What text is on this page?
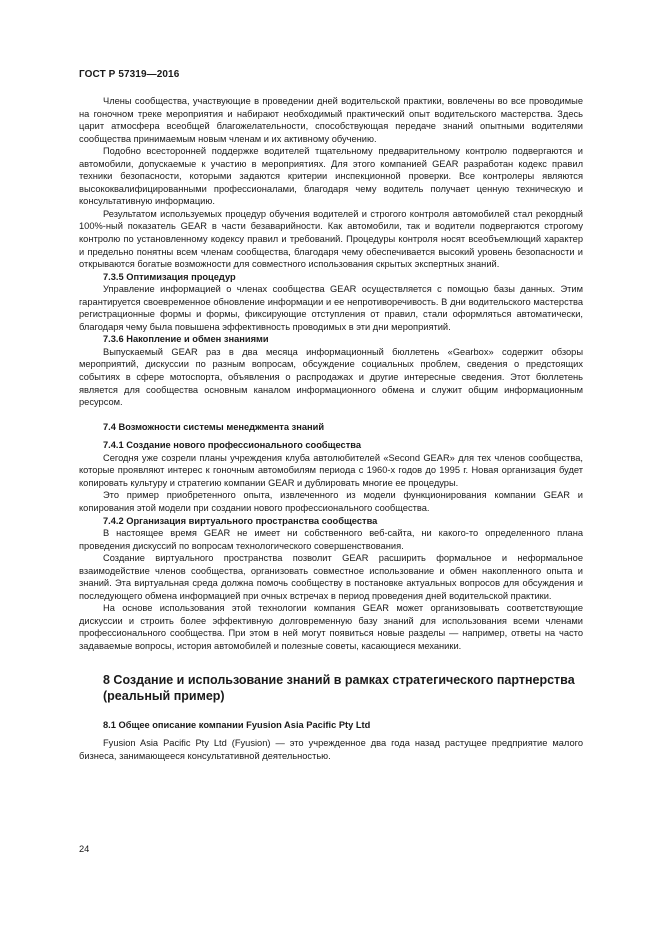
ГОСТ Р 57319—2016

Члены сообщества, участвующие в проведении дней водительской практики, вовлечены во все проводимые на гоночном треке мероприятия и набирают необходимый практический опыт водительского мастерства. Здесь царит атмосфера всеобщей благожелательности, способствующая передаче знаний опытными водителями сообщества принимаемым новым членам и их активному обучению.

Подобно всесторонней поддержке водителей тщательному предварительному контролю подвергаются и автомобили, допускаемые к участию в мероприятиях. Для этого компанией GEAR разработан кодекс правил техники безопасности, которыми задаются критерии инспекционной проверки. Все контролеры являются высококвалифицированными профессионалами, благодаря чему водитель получает ценную техническую и консультативную информацию.

Результатом используемых процедур обучения водителей и строгого контроля автомобилей стал рекордный 100%-ный показатель GEAR в части безаварийности. Как автомобили, так и водители подвергаются строгому контролю по установленному кодексу правил и требований. Процедуры контроля носят всеобъемлющий характер и предельно понятны всем членам сообщества, благодаря чему обеспечивается высокий уровень безопасности и открываются богатые возможности для совместного использования скрытых экспертных знаний.

7.3.5 Оптимизация процедур

Управление информацией о членах сообщества GEAR осуществляется с помощью базы данных. Этим гарантируется своевременное обновление информации и ее непротиворечивость. В дни водительского мастерства регистрационные формы и формы, фиксирующие отступления от правил, стали оформляться автоматически, благодаря чему была повышена эффективность проводимых в эти дни мероприятий.

7.3.6 Накопление и обмен знаниями

Выпускаемый GEAR раз в два месяца информационный бюллетень «Gearbox» содержит обзоры мероприятий, дискуссии по разным вопросам, обсуждение социальных проблем, сведения о предстоящих событиях в сфере мотоспорта, объявления о распродажах и другие интересные сведения. Этот бюллетень является для сообщества основным каналом информационного обмена и служит общим информационным ресурсом.

7.4 Возможности системы менеджмента знаний

7.4.1 Создание нового профессионального сообщества

Сегодня уже созрели планы учреждения клуба автолюбителей «Second GEAR» для тех членов сообщества, которые проявляют интерес к гоночным автомобилям периода с 1960-х годов до 1995 г. Новая организация будет копировать культуру и стратегию компании GEAR и дублировать многие ее процедуры.

Это пример приобретенного опыта, извлеченного из модели функционирования компании GEAR и копирования этой модели при создании нового профессионального сообщества.

7.4.2 Организация виртуального пространства сообщества

В настоящее время GEAR не имеет ни собственного веб-сайта, ни какого-то определенного плана проведения дискуссий по вопросам технологического совершенствования.

Создание виртуального пространства позволит GEAR расширить формальное и неформальное взаимодействие членов сообщества, организовать совместное использование и обмен накопленного опыта и знаний. Эта виртуальная среда должна помочь сообществу в постановке актуальных вопросов для обсуждения и последующего обмена информацией при очных встречах в период проведения дней водительской практики.

На основе использования этой технологии компания GEAR может организовывать соответствующие дискуссии и строить более эффективную долговременную базу знаний для использования всеми членами профессионального сообщества. При этом в ней могут появиться новые разделы — например, ответы на часто задаваемые вопросы, история автомобилей и полезные советы, касающиеся механики.

8 Создание и использование знаний в рамках стратегического партнерства (реальный пример)

8.1 Общее описание компании Fyusion Asia Pacific Pty Ltd

Fyusion Asia Pacific Pty Ltd (Fyusion) — это учрежденное два года назад растущее предприятие малого бизнеса, занимающееся консультативной деятельностью.

24
